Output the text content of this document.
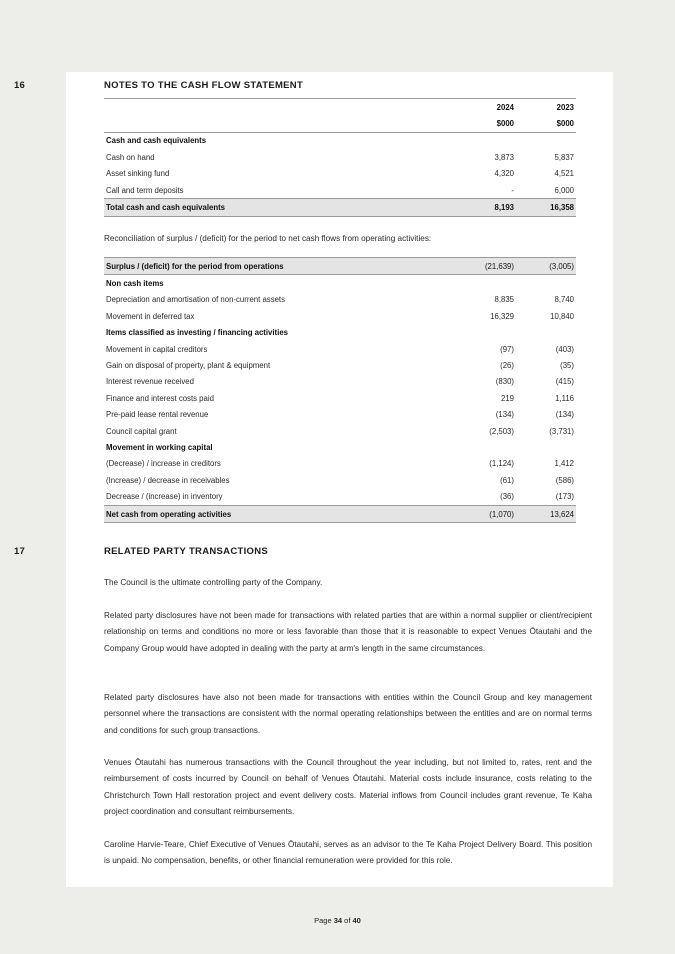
16	NOTES TO THE CASH FLOW STATEMENT
	2024	2023
	$000	$000
Cash and cash equivalents		
Cash on hand	3,873	5,837
Asset sinking fund	4,320	4,521
Call and term deposits	-	6,000
Total cash and cash equivalents	8,193	16,358
Reconciliation of surplus / (deficit) for the period to net cash flows from operating activities:
Surplus / (deficit) for the period from operations	(21,639)	(3,005)
Non cash items		
Depreciation and amortisation of non-current assets	8,835	8,740
Movement in deferred tax	16,329	10,840
Items classified as investing / financing activities		
Movement in capital creditors	(97)	(403)
Gain on disposal of property, plant & equipment	(26)	(35)
Interest revenue received	(830)	(415)
Finance and interest costs paid	219	1,116
Pre-paid lease rental revenue	(134)	(134)
Council capital grant	(2,503)	(3,731)
Movement in working capital		
(Decrease) / increase in creditors	(1,124)	1,412
(Increase) / decrease in receivables	(61)	(586)
Decrease / (increase) in inventory	(36)	(173)
Net cash from operating activities	(1,070)	13,624
17	RELATED PARTY TRANSACTIONS
The Council is the ultimate controlling party of the Company.
Related party disclosures have not been made for transactions with related parties that are within a normal supplier or client/recipient relationship on terms and conditions no more or less favorable than those that it is reasonable to expect Venues Ōtautahi and the Company Group would have adopted in dealing with the party at arm's length in the same circumstances.
Related party disclosures have also not been made for transactions with entities within the Council Group and key management personnel where the transactions are consistent with the normal operating relationships between the entities and are on normal terms and conditions for such group transactions.
Venues Ōtautahi has numerous transactions with the Council throughout the year including, but not limited to, rates, rent and the reimbursement of costs incurred by Council on behalf of Venues Ōtautahi. Material costs include insurance, costs relating to the Christchurch Town Hall restoration project and event delivery costs. Material inflows from Council includes grant revenue, Te Kaha project coordination and consultant reimbursements.
Caroline Harvie-Teare, Chief Executive of Venues Ōtautahi, serves as an advisor to the Te Kaha Project Delivery Board. This position is unpaid. No compensation, benefits, or other financial remuneration were provided for this role.
Page 34 of 40
